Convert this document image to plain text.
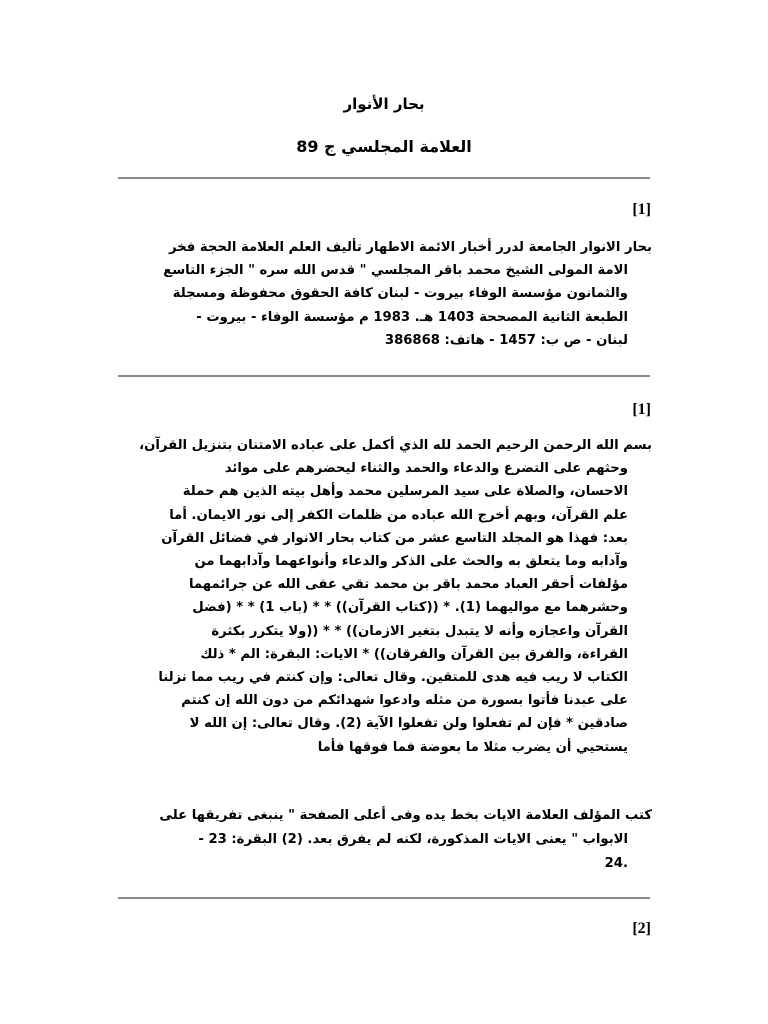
بحار الأنوار
العلامة المجلسي ج 89
[1]
بحار الانوار الجامعة لدرر أخبار الائمة الاطهار تأليف العلم العلامة الحجة فخر
الامة المولى الشيخ محمد باقر المجلسي " قدس الله سره " الجزء التاسع
والثمانون مؤسسة الوفاء بيروت - لبنان كافة الحقوق محفوظة ومسجلة
الطبعة الثانية المصححة 1403 هـ. 1983 م مؤسسة الوفاء - بيروت -
لبنان - ص ب: 1457 - هاتف: 386868
[1]
بسم الله الرحمن الرحيم الحمد لله الذي أكمل على عباده الامتنان بتنزيل القرآن،
وحثهم على التضرع والدعاء والحمد والثناء ليحضرهم على موائد
الاحسان، والصلاة على سيد المرسلين محمد وأهل بيته الذين هم حملة
علم القرآن، وبهم أخرج الله عباده من ظلمات الكفر إلى نور الايمان. أما
بعد: فهذا هو المجلد التاسع عشر من كتاب بحار الانوار في فضائل القرآن
وآدابه وما يتعلق به والحث على الذكر والدعاء وأنواعهما وآدابهما من
مؤلفات أحقر العباد محمد باقر بن محمد تقي عفى الله عن جرائمهما
وحشرهما مع مواليهما (1). * ((كتاب القرآن)) * * (باب 1) * * (فضل
القرآن واعجازه وأنه لا يتبدل بتغير الازمان)) * * ((ولا يتكرر بكثرة
القراءة، والفرق بين القرآن والفرقان)) * الايات: البقرة: الم * ذلك
الكتاب لا ريب فيه هدى للمتقين. وقال تعالى: وإن كنتم في ريب مما نزلنا
على عبدنا فأتوا بسورة من مثله وادعوا شهدائكم من دون الله إن كنتم
صادقين * فإن لم تفعلوا ولن تفعلوا الآية (2). وقال تعالى: إن الله لا
يستحيي أن يضرب مثلا ما بعوضة فما فوقها فأما
كتب المؤلف العلامة الايات بخط يده وفى أعلى الصفحة " ينبغى تفريقها على
الابواب " يعنى الايات المذكورة، لكنه لم يفرق بعد. (2) البقرة: 23 -
.24
[2]
